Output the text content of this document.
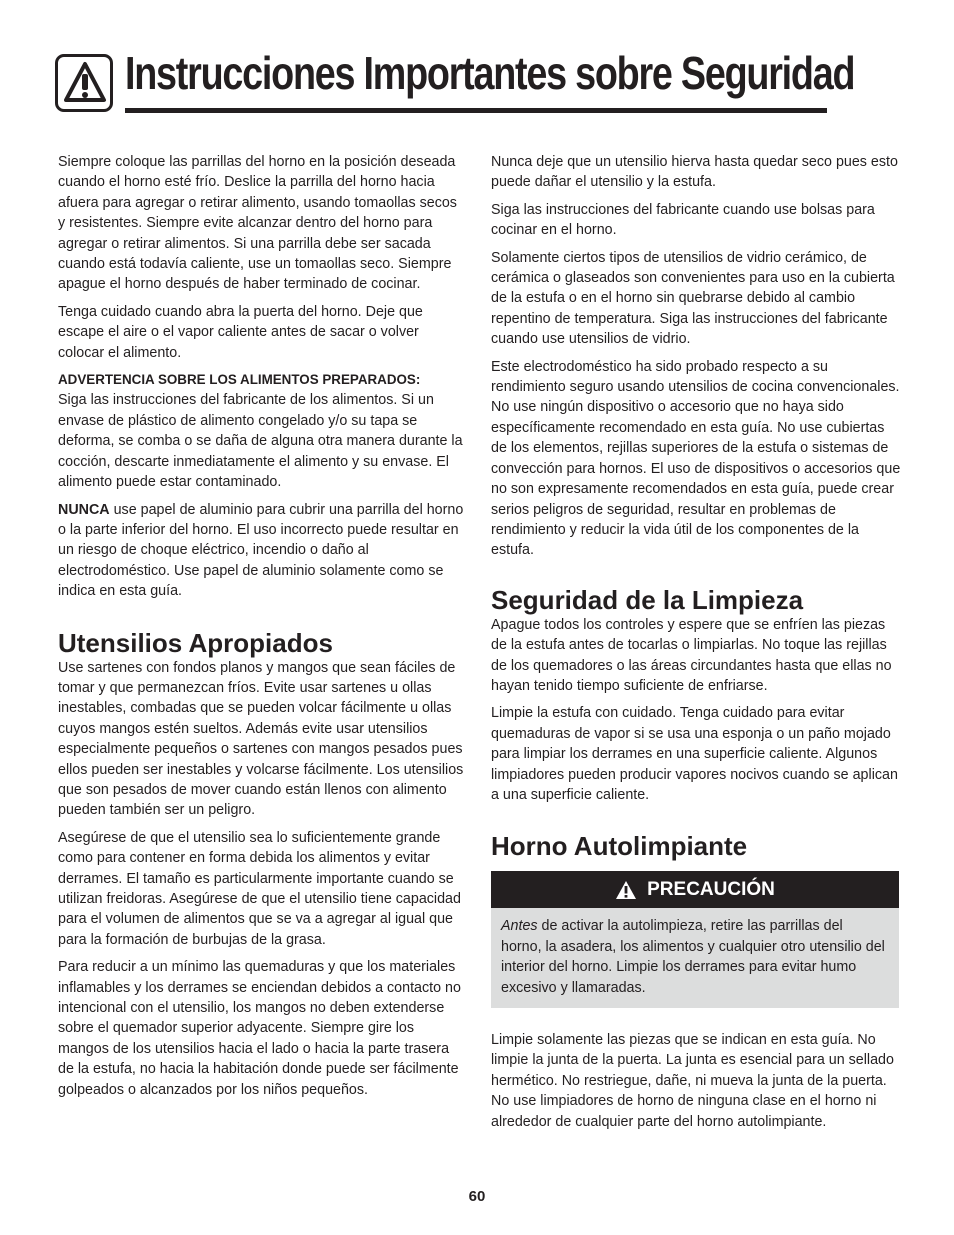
Instrucciones Importantes sobre Seguridad

Siempre coloque las parrillas del horno en la posición deseada cuando el horno esté frío. Deslice la parrilla del horno hacia afuera para agregar o retirar alimento, usando tomaollas secos y resistentes. Siempre evite alcanzar dentro del horno para agregar o retirar alimentos. Si una parrilla debe ser sacada cuando está todavía caliente, use un tomaollas seco. Siempre apague el horno después de haber terminado de cocinar.

Tenga cuidado cuando abra la puerta del horno. Deje que escape el aire o el vapor caliente antes de sacar o volver colocar el alimento.

ADVERTENCIA SOBRE LOS ALIMENTOS PREPARADOS:
Siga las instrucciones del fabricante de los alimentos. Si un envase de plástico de alimento congelado y/o su tapa se deforma, se comba o se daña de alguna otra manera durante la cocción, descarte inmediatamente el alimento y su envase. El alimento puede estar contaminado.

NUNCA use papel de aluminio para cubrir una parrilla del horno o la parte inferior del horno. El uso incorrecto puede resultar en un riesgo de choque eléctrico, incendio o daño al electrodoméstico. Use papel de aluminio solamente como se indica en esta guía.

Utensilios Apropiados

Use sartenes con fondos planos y mangos que sean fáciles de tomar y que permanezcan fríos. Evite usar sartenes u ollas inestables, combadas que se pueden volcar fácilmente u ollas cuyos mangos estén sueltos. Además evite usar utensilios especialmente pequeños o sartenes con mangos pesados pues ellos pueden ser inestables y volcarse fácilmente. Los utensilios que son pesados de mover cuando están llenos con alimento pueden también ser un peligro.

Asegúrese de que el utensilio sea lo suficientemente grande como para contener en forma debida los alimentos y evitar derrames. El tamaño es particularmente importante cuando se utilizan freidoras. Asegúrese de que el utensilio tiene capacidad para el volumen de alimentos que se va a agregar al igual que para la formación de burbujas de la grasa.

Para reducir a un mínimo las quemaduras y que los materiales inflamables y los derrames se enciendan debidos a contacto no intencional con el utensilio, los mangos no deben extenderse sobre el quemador superior adyacente. Siempre gire los mangos de los utensilios hacia el lado o hacia la parte trasera de la estufa, no hacia la habitación donde puede ser fácilmente golpeados o alcanzados por los niños pequeños.

Nunca deje que un utensilio hierva hasta quedar seco pues esto puede dañar el utensilio y la estufa.

Siga las instrucciones del fabricante cuando use bolsas para cocinar en el horno.

Solamente ciertos tipos de utensilios de vidrio cerámico, de cerámica o glaseados son convenientes para uso en la cubierta de la estufa o en el horno sin quebrarse debido al cambio repentino de temperatura. Siga las instrucciones del fabricante cuando use utensilios de vidrio.

Este electrodoméstico ha sido probado respecto a su rendimiento seguro usando utensilios de cocina convencionales. No use ningún dispositivo o accesorio que no haya sido específicamente recomendado en esta guía. No use cubiertas de los elementos, rejillas superiores de la estufa o sistemas de convección para hornos. El uso de dispositivos o accesorios que no son expresamente recomendados en esta guía, puede crear serios peligros de seguridad, resultar en problemas de rendimiento y reducir la vida útil de los componentes de la estufa.

Seguridad de la Limpieza

Apague todos los controles y espere que se enfríen las piezas de la estufa antes de tocarlas o limpiarlas. No toque las rejillas de los quemadores o las áreas circundantes hasta que ellas no hayan tenido tiempo suficiente de enfriarse.

Limpie la estufa con cuidado. Tenga cuidado para evitar quemaduras de vapor si se usa una esponja o un paño mojado para limpiar los derrames en una superficie caliente. Algunos limpiadores pueden producir vapores nocivos cuando se aplican a una superficie caliente.

Horno Autolimpiante
PRECAUCIÓN
Antes de activar la autolimpieza, retire las parrillas del horno, la asadera, los alimentos y cualquier otro utensilio del interior del horno. Limpie los derrames para evitar humo excesivo y llamaradas.

Limpie solamente las piezas que se indican en esta guía. No limpie la junta de la puerta. La junta es esencial para un sellado hermético. No restriegue, dañe, ni mueva la junta de la puerta. No use limpiadores de horno de ninguna clase en el horno ni alrededor de cualquier parte del horno autolimpiante.

60
